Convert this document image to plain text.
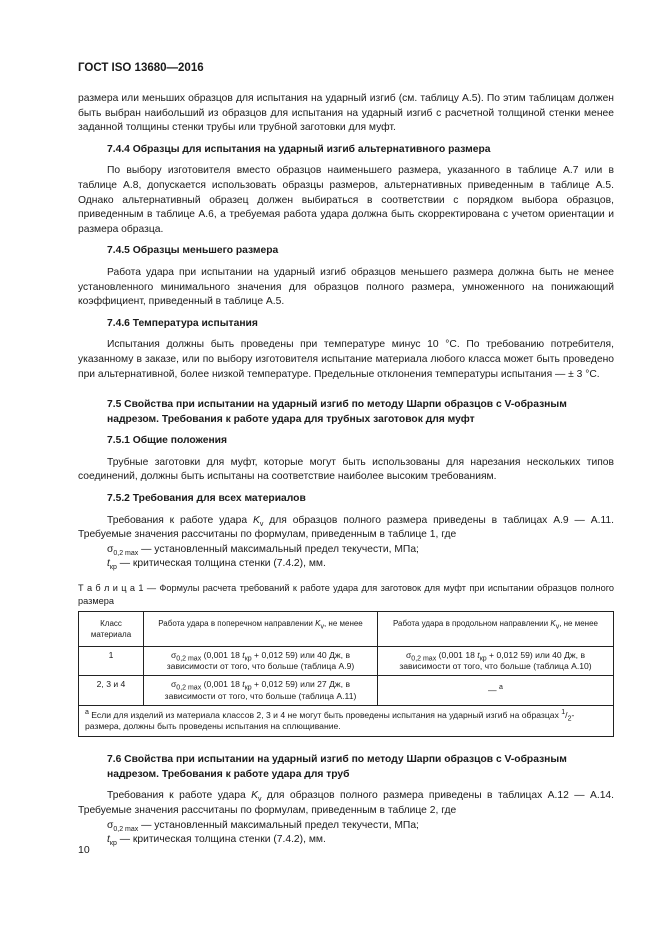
ГОСТ ISO 13680—2016

размера или меньших образцов для испытания на ударный изгиб (см. таблицу А.5). По этим таблицам должен быть выбран наибольший из образцов для испытания на ударный изгиб с расчетной толщиной стенки менее заданной толщины стенки трубы или трубной заготовки для муфт.

7.4.4 Образцы для испытания на ударный изгиб альтернативного размера

По выбору изготовителя вместо образцов наименьшего размера, указанного в таблице А.7 или в таблице А.8, допускается использовать образцы размеров, альтернативных приведенным в таблице А.5. Однако альтернативный образец должен выбираться в соответствии с порядком выбора образцов, приведенным в таблице А.6, а требуемая работа удара должна быть скорректирована с учетом ориентации и размера образца.

7.4.5 Образцы меньшего размера

Работа удара при испытании на ударный изгиб образцов меньшего размера должна быть не менее установленного минимального значения для образцов полного размера, умноженного на понижающий коэффициент, приведенный в таблице А.5.

7.4.6 Температура испытания

Испытания должны быть проведены при температуре минус 10 °С. По требованию потребителя, указанному в заказе, или по выбору изготовителя испытание материала любого класса может быть проведено при альтернативной, более низкой температуре. Предельные отклонения температуры испытания — ± 3 °С.

7.5 Свойства при испытании на ударный изгиб по методу Шарпи образцов с V-образным надрезом. Требования к работе удара для трубных заготовок для муфт
7.5.1 Общие положения

Трубные заготовки для муфт, которые могут быть использованы для нарезания нескольких типов соединений, должны быть испытаны на соответствие наиболее высоким требованиям.

7.5.2 Требования для всех материалов

Требования к работе удара $K_v$ для образцов полного размера приведены в таблицах А.9 — А.11. Требуемые значения рассчитаны по формулам, приведенным в таблице 1, где

$\sigma_{0,2 max}$ — установленный максимальный предел текучести, МПа;

$t_{кр}$ — критическая толщина стенки (7.4.2), мм.

Т а б л и ц а 1 — Формулы расчета требований к работе удара для заготовок для муфт при испытании образцов полного размера

Класс материала	Работа удара в поперечном направлении $K_v$, не менее	Работа удара в продольном направлении $K_v$, не менее
1	$\sigma_{0,2 max}$ (0,001 18 $t_{кр} + 0,012$ 59) или 40 Дж, в зависимости от того, что больше (таблица А.9)	$\sigma_{0,2 max}$ (0,001 18 $t_{кр} + 0,012$ 59) или 40 Дж, в зависимости от того, что больше (таблица А.10)
2, 3 и 4	$\sigma_{0,2 max}$ (0,001 18 $t_{кр} + 0,012$ 59) или 27 Дж, в зависимости от того, что больше (таблица А.11)	— $^a$
$^a$ Если для изделий из материала классов 2, 3 и 4 не могут быть проведены испытания на ударный изгиб на образцах $^1/_2$-размера, должны быть проведены испытания на сплющивание.		
7.6 Свойства при испытании на ударный изгиб по методу Шарпи образцов с V-образным надрезом. Требования к работе удара для труб

Требования к работе удара $K_v$ для образцов полного размера приведены в таблицах А.12 — А.14. Требуемые значения рассчитаны по формулам, приведенным в таблице 2, где

$\sigma_{0,2 max}$ — установленный максимальный предел текучести, МПа;

$t_{кр}$ — критическая толщина стенки (7.4.2), мм.

10
